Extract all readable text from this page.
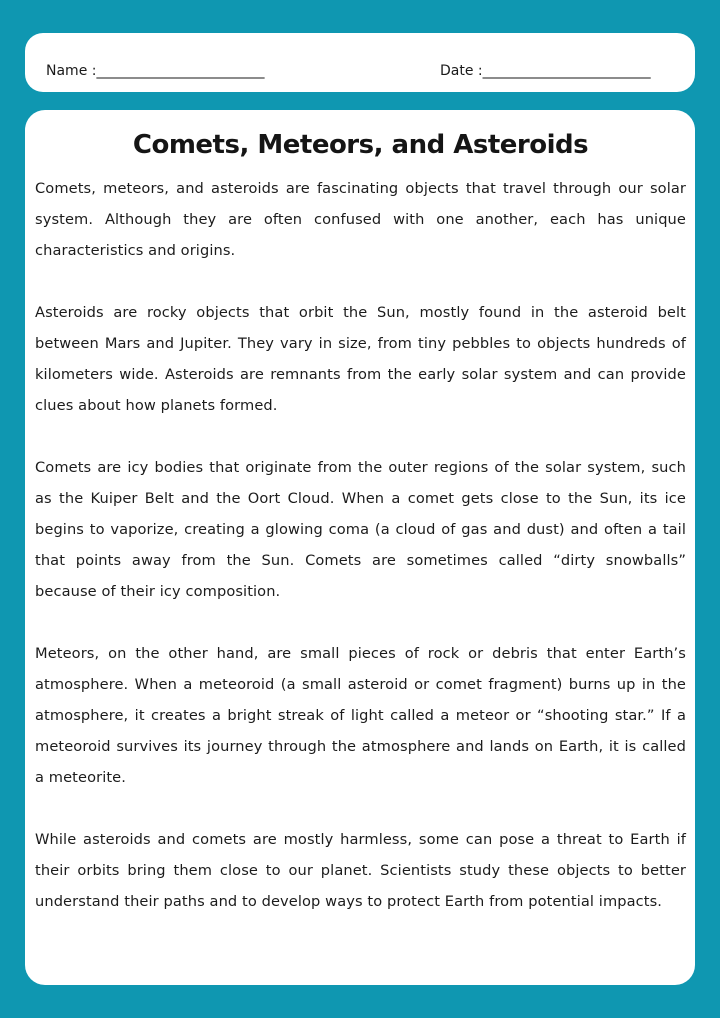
Name :________________________	Date :________________________
Comets, Meteors, and Asteroids

Comets, meteors, and asteroids are fascinating objects that travel through our solar system. Although they are often confused with one another, each has unique characteristics and origins.

Asteroids are rocky objects that orbit the Sun, mostly found in the asteroid belt between Mars and Jupiter. They vary in size, from tiny pebbles to objects hundreds of kilometers wide. Asteroids are remnants from the early solar system and can provide clues about how planets formed.

Comets are icy bodies that originate from the outer regions of the solar system, such as the Kuiper Belt and the Oort Cloud. When a comet gets close to the Sun, its ice begins to vaporize, creating a glowing coma (a cloud of gas and dust) and often a tail that points away from the Sun. Comets are sometimes called “dirty snowballs” because of their icy composition.

Meteors, on the other hand, are small pieces of rock or debris that enter Earth’s atmosphere. When a meteoroid (a small asteroid or comet fragment) burns up in the atmosphere, it creates a bright streak of light called a meteor or “shooting star.” If a meteoroid survives its journey through the atmosphere and lands on Earth, it is called a meteorite.

While asteroids and comets are mostly harmless, some can pose a threat to Earth if their orbits bring them close to our planet. Scientists study these objects to better understand their paths and to develop ways to protect Earth from potential impacts.
